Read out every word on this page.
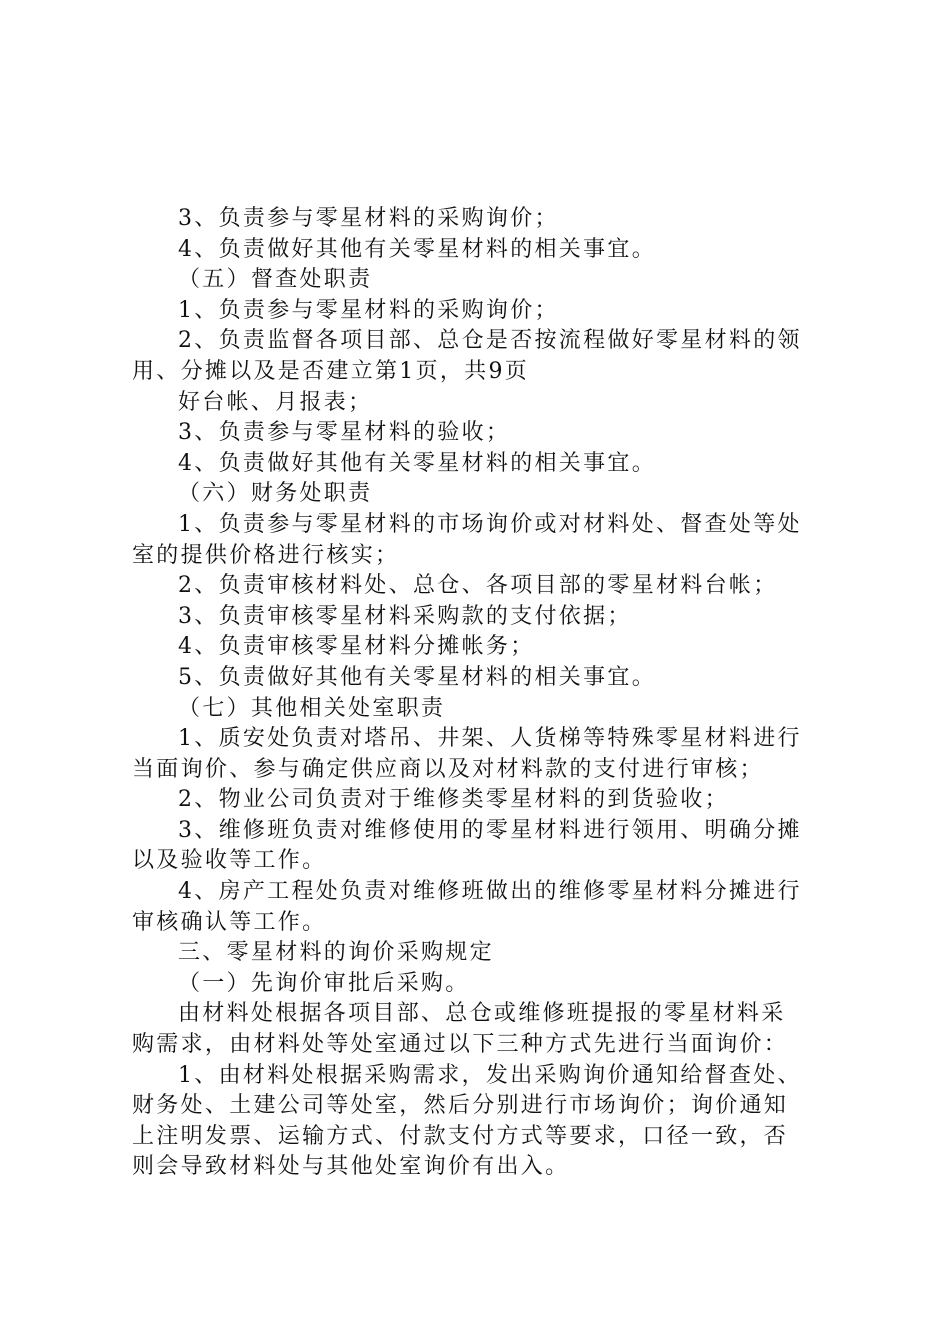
3、负责参与零星材料的采购询价；
4、负责做好其他有关零星材料的相关事宜。
（五）督查处职责
1、负责参与零星材料的采购询价；
2、负责监督各项目部、总仓是否按流程做好零星材料的领
用、分摊以及是否建立第1页，共9页
好台帐、月报表；
3、负责参与零星材料的验收；
4、负责做好其他有关零星材料的相关事宜。
（六）财务处职责
1、负责参与零星材料的市场询价或对材料处、督查处等处
室的提供价格进行核实；
2、负责审核材料处、总仓、各项目部的零星材料台帐；
3、负责审核零星材料采购款的支付依据；
4、负责审核零星材料分摊帐务；
5、负责做好其他有关零星材料的相关事宜。
（七）其他相关处室职责
1、质安处负责对塔吊、井架、人货梯等特殊零星材料进行
当面询价、参与确定供应商以及对材料款的支付进行审核；
2、物业公司负责对于维修类零星材料的到货验收；
3、维修班负责对维修使用的零星材料进行领用、明确分摊
以及验收等工作。
4、房产工程处负责对维修班做出的维修零星材料分摊进行
审核确认等工作。
三、零星材料的询价采购规定
（一）先询价审批后采购。
由材料处根据各项目部、总仓或维修班提报的零星材料采
购需求，由材料处等处室通过以下三种方式先进行当面询价：
1、由材料处根据采购需求，发出采购询价通知给督查处、
财务处、土建公司等处室，然后分别进行市场询价；询价通知
上注明发票、运输方式、付款支付方式等要求，口径一致，否
则会导致材料处与其他处室询价有出入。
